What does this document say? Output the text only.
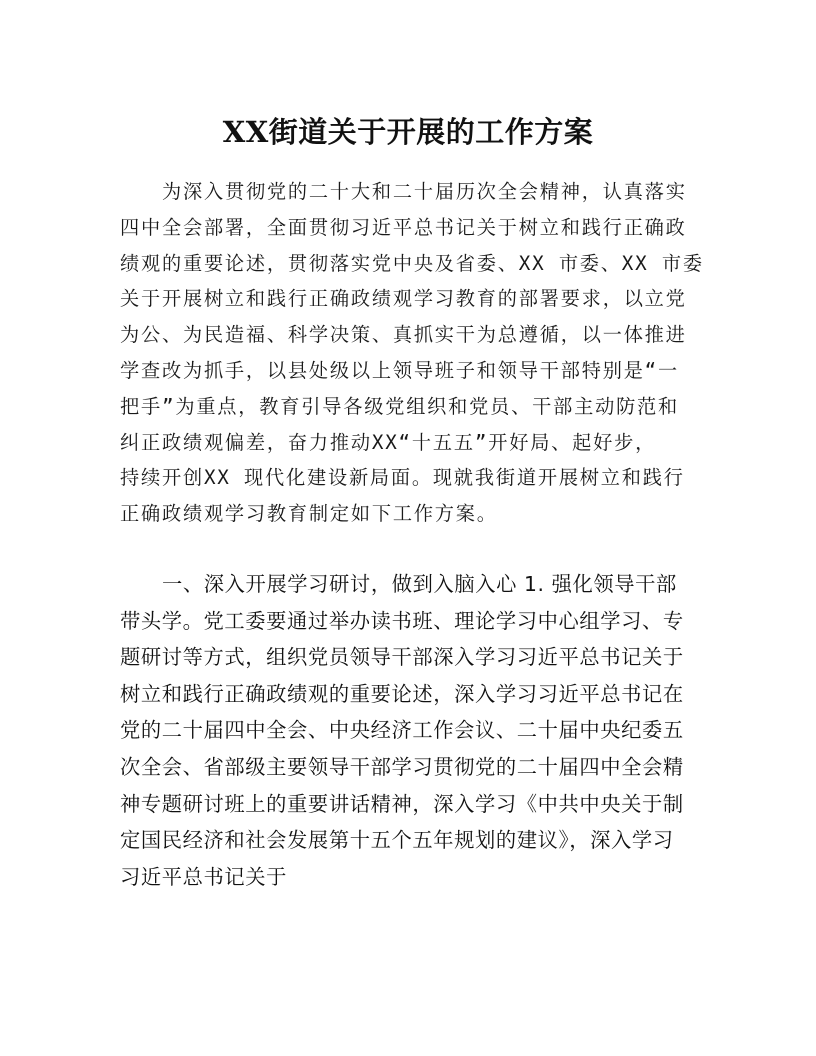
XX街道关于开展的工作方案
为深入贯彻党的二十大和二十届历次全会精神，认真落实
四中全会部署，全面贯彻习近平总书记关于树立和践行正确政
绩观的重要论述，贯彻落实党中央及省委、XX 市委、XX 市委
关于开展树立和践行正确政绩观学习教育的部署要求，以立党
为公、为民造福、科学决策、真抓实干为总遵循，以一体推进
学查改为抓手，以县处级以上领导班子和领导干部特别是“一
把手”为重点，教育引导各级党组织和党员、干部主动防范和
纠正政绩观偏差，奋力推动XX“十五五”开好局、起好步，
持续开创XX 现代化建设新局面。现就我街道开展树立和践行
正确政绩观学习教育制定如下工作方案。
一、深入开展学习研讨，做到入脑入心 1. 强化领导干部
带头学。党工委要通过举办读书班、理论学习中心组学习、专
题研讨等方式，组织党员领导干部深入学习习近平总书记关于
树立和践行正确政绩观的重要论述，深入学习习近平总书记在
党的二十届四中全会、中央经济工作会议、二十届中央纪委五
次全会、省部级主要领导干部学习贯彻党的二十届四中全会精
神专题研讨班上的重要讲话精神，深入学习《中共中央关于制
定国民经济和社会发展第十五个五年规划的建议》，深入学习
习近平总书记关于
